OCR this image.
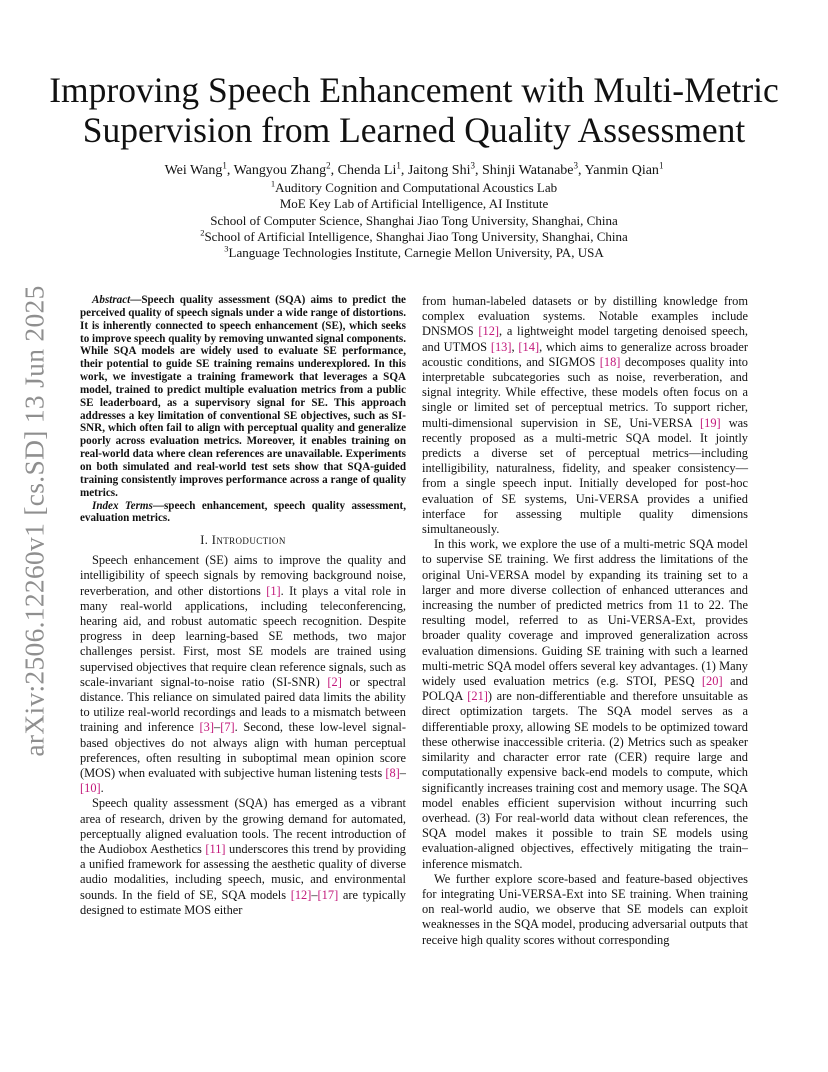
arXiv:2506.12260v1 [cs.SD] 13 Jun 2025
Improving Speech Enhancement with Multi-Metric Supervision from Learned Quality Assessment
Wei Wang$^1$, Wangyou Zhang$^2$, Chenda Li$^1$, Jaitong Shi$^3$, Shinji Watanabe$^3$, Yanmin Qian$^1$
$^1$Auditory Cognition and Computational Acoustics Lab
MoE Key Lab of Artificial Intelligence, AI Institute
School of Computer Science, Shanghai Jiao Tong University, Shanghai, China
$^2$School of Artificial Intelligence, Shanghai Jiao Tong University, Shanghai, China
$^3$Language Technologies Institute, Carnegie Mellon University, PA, USA

Abstract—Speech quality assessment (SQA) aims to predict the perceived quality of speech signals under a wide range of distortions. It is inherently connected to speech enhancement (SE), which seeks to improve speech quality by removing unwanted signal components. While SQA models are widely used to evaluate SE performance, their potential to guide SE training remains underexplored. In this work, we investigate a training framework that leverages a SQA model, trained to predict multiple evaluation metrics from a public SE leaderboard, as a supervisory signal for SE. This approach addresses a key limitation of conventional SE objectives, such as SI-SNR, which often fail to align with perceptual quality and generalize poorly across evaluation metrics. Moreover, it enables training on real-world data where clean references are unavailable. Experiments on both simulated and real-world test sets show that SQA-guided training consistently improves performance across a range of quality metrics.

Index Terms—speech enhancement, speech quality assessment, evaluation metrics.

I. Introduction

Speech enhancement (SE) aims to improve the quality and intelligibility of speech signals by removing background noise, reverberation, and other distortions [1]. It plays a vital role in many real-world applications, including teleconferencing, hearing aid, and robust automatic speech recognition. Despite progress in deep learning-based SE methods, two major challenges persist. First, most SE models are trained using supervised objectives that require clean reference signals, such as scale-invariant signal-to-noise ratio (SI-SNR) [2] or spectral distance. This reliance on simulated paired data limits the ability to utilize real-world recordings and leads to a mismatch between training and inference [3]–[7]. Second, these low-level signal-based objectives do not always align with human perceptual preferences, often resulting in suboptimal mean opinion score (MOS) when evaluated with subjective human listening tests [8]–[10].

Speech quality assessment (SQA) has emerged as a vibrant area of research, driven by the growing demand for automated, perceptually aligned evaluation tools. The recent introduction of the Audiobox Aesthetics [11] underscores this trend by providing a unified framework for assessing the aesthetic quality of diverse audio modalities, including speech, music, and environmental sounds. In the field of SE, SQA models [12]–[17] are typically designed to estimate MOS either

from human-labeled datasets or by distilling knowledge from complex evaluation systems. Notable examples include DNSMOS [12], a lightweight model targeting denoised speech, and UTMOS [13], [14], which aims to generalize across broader acoustic conditions, and SIGMOS [18] decomposes quality into interpretable subcategories such as noise, reverberation, and signal integrity. While effective, these models often focus on a single or limited set of perceptual metrics. To support richer, multi-dimensional supervision in SE, Uni-VERSA [19] was recently proposed as a multi-metric SQA model. It jointly predicts a diverse set of perceptual metrics—including intelligibility, naturalness, fidelity, and speaker consistency—from a single speech input. Initially developed for post-hoc evaluation of SE systems, Uni-VERSA provides a unified interface for assessing multiple quality dimensions simultaneously.

In this work, we explore the use of a multi-metric SQA model to supervise SE training. We first address the limitations of the original Uni-VERSA model by expanding its training set to a larger and more diverse collection of enhanced utterances and increasing the number of predicted metrics from 11 to 22. The resulting model, referred to as Uni-VERSA-Ext, provides broader quality coverage and improved generalization across evaluation dimensions. Guiding SE training with such a learned multi-metric SQA model offers several key advantages. (1) Many widely used evaluation metrics (e.g. STOI, PESQ [20] and POLQA [21]) are non-differentiable and therefore unsuitable as direct optimization targets. The SQA model serves as a differentiable proxy, allowing SE models to be optimized toward these otherwise inaccessible criteria. (2) Metrics such as speaker similarity and character error rate (CER) require large and computationally expensive back-end models to compute, which significantly increases training cost and memory usage. The SQA model enables efficient supervision without incurring such overhead. (3) For real-world data without clean references, the SQA model makes it possible to train SE models using evaluation-aligned objectives, effectively mitigating the train–inference mismatch.

We further explore score-based and feature-based objectives for integrating Uni-VERSA-Ext into SE training. When training on real-world audio, we observe that SE models can exploit weaknesses in the SQA model, producing adversarial outputs that receive high quality scores without corresponding
